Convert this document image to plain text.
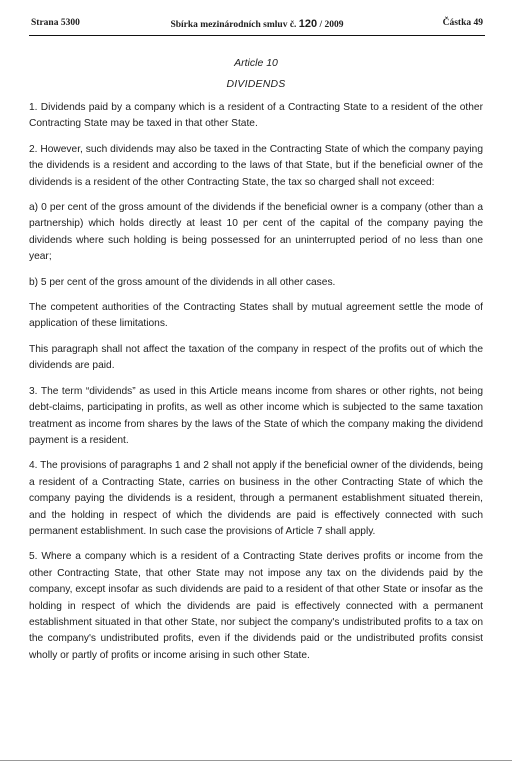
Strana 5300	Sbírka mezinárodních smluv č. 120 / 2009	Částka 49
Article 10
DIVIDENDS

1. Dividends paid by a company which is a resident of a Contracting State to a resident of the other Contracting State may be taxed in that other State.

2. However, such dividends may also be taxed in the Contracting State of which the company paying the dividends is a resident and according to the laws of that State, but if the beneficial owner of the dividends is a resident of the other Contracting State, the tax so charged shall not exceed:

a) 0 per cent of the gross amount of the dividends if the beneficial owner is a company (other than a partnership) which holds directly at least 10 per cent of the capital of the company paying the dividends where such holding is being possessed for an uninterrupted period of no less than one year;

b) 5 per cent of the gross amount of the dividends in all other cases.

The competent authorities of the Contracting States shall by mutual agreement settle the mode of application of these limitations.

This paragraph shall not affect the taxation of the company in respect of the profits out of which the dividends are paid.

3. The term “dividends” as used in this Article means income from shares or other rights, not being debt-claims, participating in profits, as well as other income which is subjected to the same taxation treatment as income from shares by the laws of the State of which the company making the dividend payment is a resident.

4. The provisions of paragraphs 1 and 2 shall not apply if the beneficial owner of the dividends, being a resident of a Contracting State, carries on business in the other Contracting State of which the company paying the dividends is a resident, through a permanent establishment situated therein, and the holding in respect of which the dividends are paid is effectively connected with such permanent establishment. In such case the provisions of Article 7 shall apply.

5. Where a company which is a resident of a Contracting State derives profits or income from the other Contracting State, that other State may not impose any tax on the dividends paid by the company, except insofar as such dividends are paid to a resident of that other State or insofar as the holding in respect of which the dividends are paid is effectively connected with a permanent establishment situated in that other State, nor subject the company's undistributed profits to a tax on the company's undistributed profits, even if the dividends paid or the undistributed profits consist wholly or partly of profits or income arising in such other State.
